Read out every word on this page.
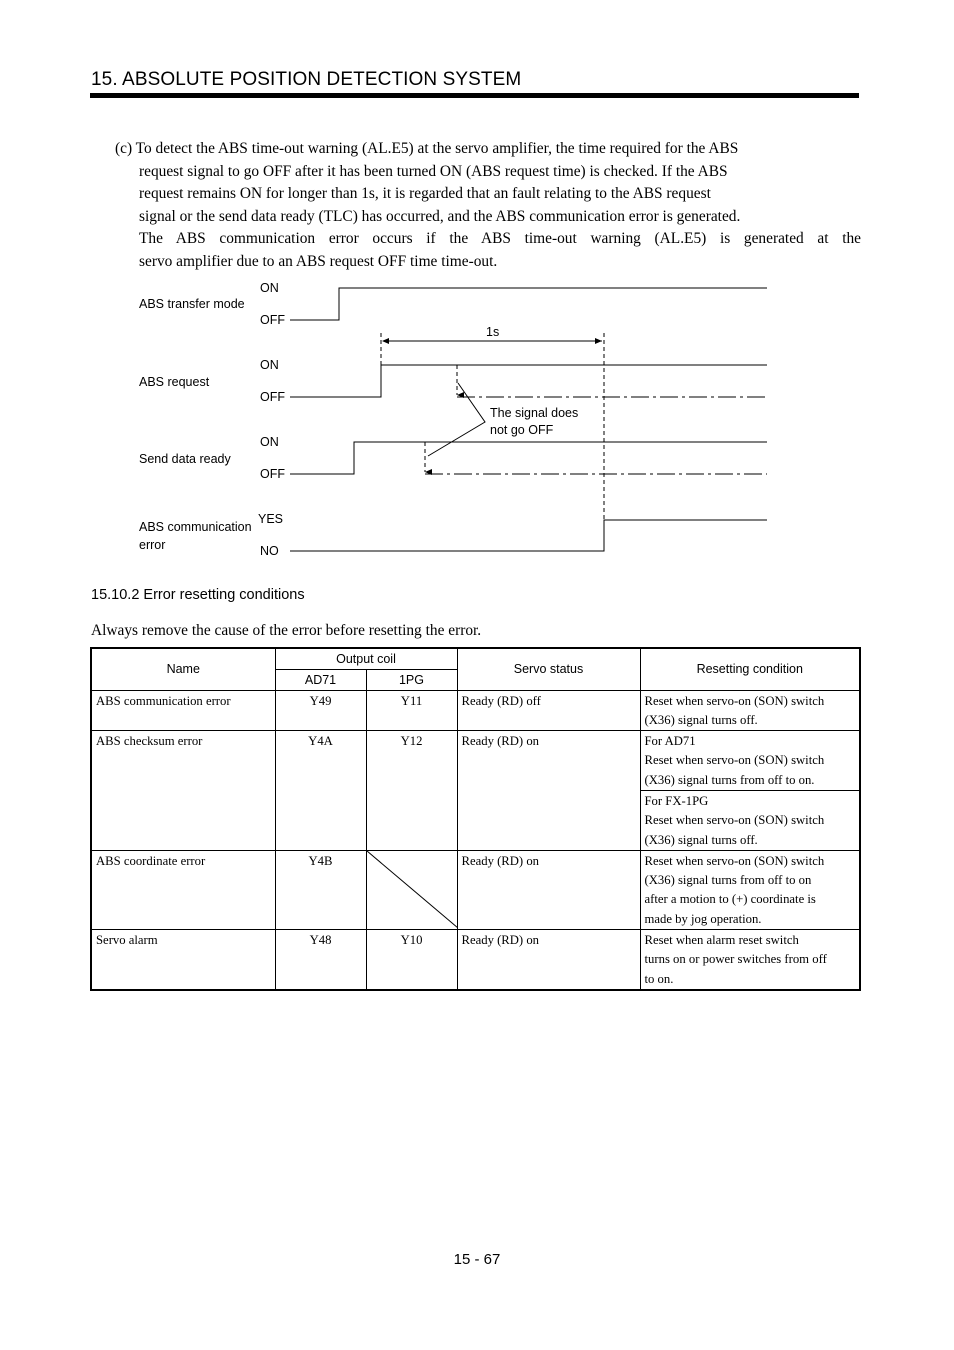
15. ABSOLUTE POSITION DETECTION SYSTEM
(c) To detect the ABS time-out warning (AL.E5) at the servo amplifier, the time required for the ABS
request signal to go OFF after it has been turned ON (ABS request time) is checked. If the ABS
request remains ON for longer than 1s, it is regarded that an fault relating to the ABS request
signal or the send data ready (TLC) has occurred, and the ABS communication error is generated.
The ABS communication error occurs if the ABS time-out warning (AL.E5) is generated at the
servo amplifier due to an ABS request OFF time time-out.
ABS transfer mode
ON
OFF
ABS request
ON
OFF
Send data ready
ON
OFF
ABS communication
error
YES
NO
1s
The signal does
not go OFF
15.10.2 Error resetting conditions
Always remove the cause of the error before resetting the error.
Name	Output coil		Servo status	Resetting condition
	AD71	1PG		
ABS communication error	Y49	Y11	Ready (RD) off	Reset when servo-on (SON) switch
(X36) signal turns off.

ABS checksum error	Y4A	Y12	Ready (RD) on	For AD71
Reset when servo-on (SON) switch
(X36) signal turns from off to on.

				For FX-1PG
Reset when servo-on (SON) switch
(X36) signal turns off.

ABS coordinate error	Y4B		Ready (RD) on	Reset when servo-on (SON) switch
(X36) signal turns from off to on
after a motion to (+) coordinate is
made by jog operation.

Servo alarm	Y48	Y10	Ready (RD) on	Reset when alarm reset switch
turns on or power switches from off
to on.
15 - 67
